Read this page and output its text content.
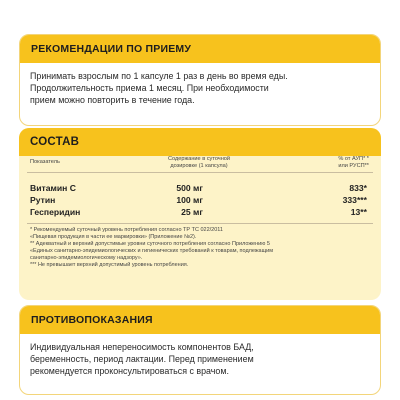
РЕКОМЕНДАЦИИ ПО ПРИЕМУ
Принимать взрослым по 1 капсуле 1 раз в день во время еды.
Продолжительность приема 1 месяц. При необходимости
прием можно повторить в течение года.
СОСТАВ
Показатель	Содержание в суточной
дозировке (1 капсула)
% от АУП* *
или РУСП**
Витамин С	500 мг	833*
Рутин	100 мг	333***
Гесперидин	25 мг	13**
* Рекомендуемый суточный уровень потребления согласно ТР ТС 022/2011
«Пищевая продукция в части ее маркировки» (Приложение №2).
** Адекватный и верхний допустимые уровни суточного потребления согласно Приложению 5
«Единых санитарно-эпидемиологических и гигиенических требований к товарам, подлежащим
санитарно-эпидемиологическому надзору».
*** Не превышает верхний допустимый уровень потребления.
ПРОТИВОПОКАЗАНИЯ
Индивидуальная непереносимость компонентов БАД,
беременность, период лактации. Перед применением
рекомендуется проконсультироваться с врачом.
